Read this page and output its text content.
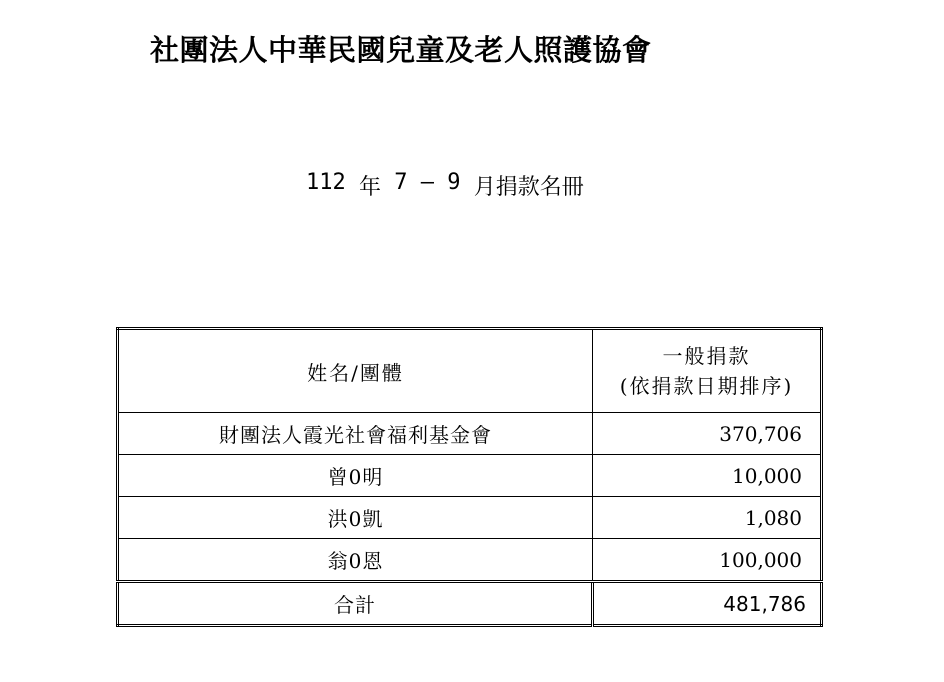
社團法人中華民國兒童及老人照護協會
112
年
7
–
9
月捐款名冊
姓名/團體	一般捐款
(依捐款日期排序)

財團法人霞光社會福利基金會	370,706
曾0明	10,000
洪0凱	1,080
翁0恩	100,000
合計	481,786
